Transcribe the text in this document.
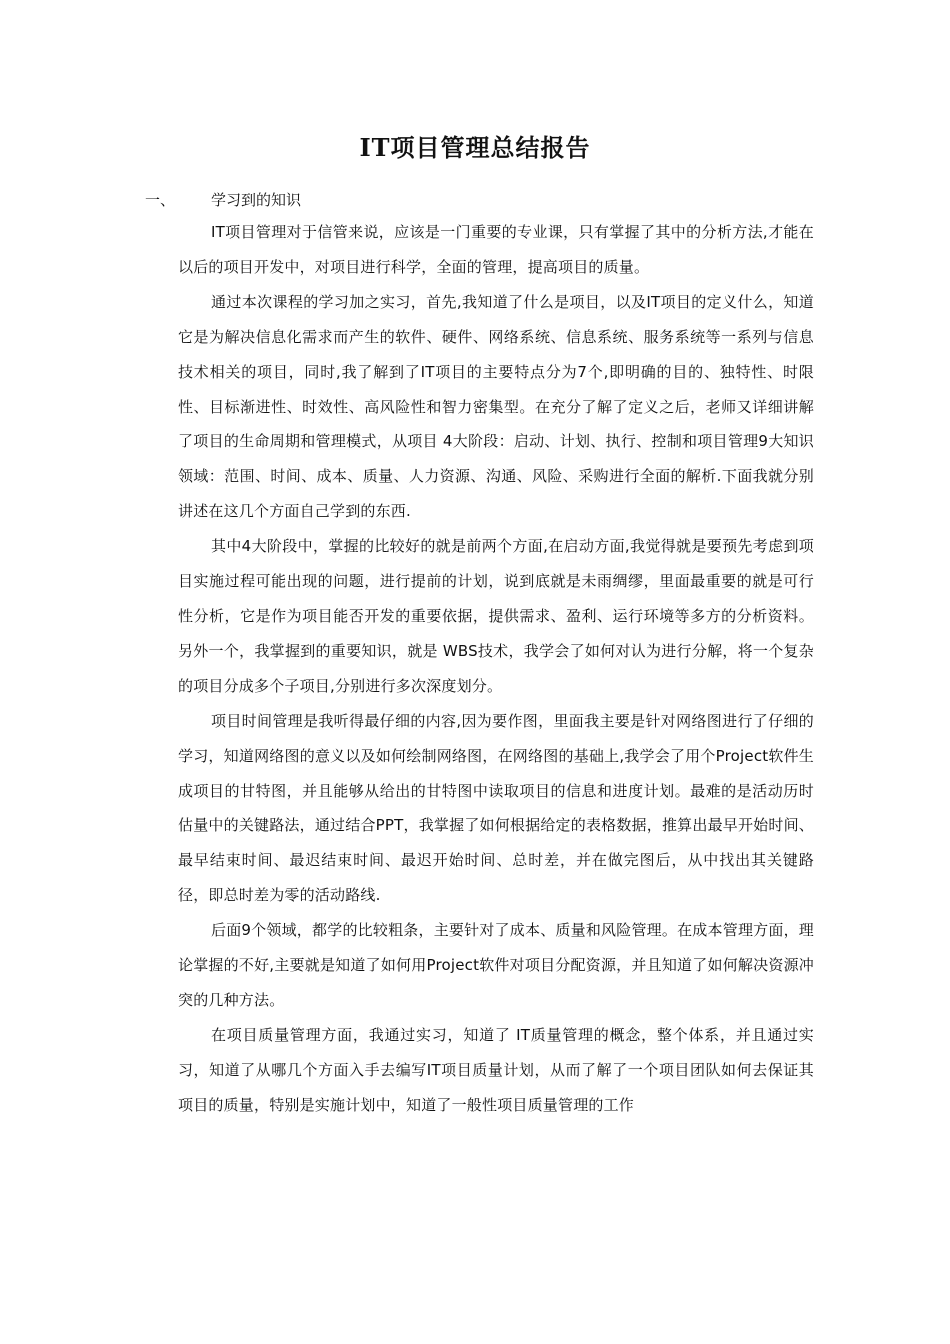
IT项目管理总结报告
一、 学习到的知识

IT项目管理对于信管来说，应该是一门重要的专业课，只有掌握了其中的分析方法,才能在以后的项目开发中，对项目进行科学，全面的管理，提高项目的质量。

通过本次课程的学习加之实习，首先,我知道了什么是项目，以及IT项目的定义什么，知道它是为解决信息化需求而产生的软件、硬件、网络系统、信息系统、服务系统等一系列与信息技术相关的项目，同时,我了解到了IT项目的主要特点分为7个,即明确的目的、独特性、时限性、目标渐进性、时效性、高风险性和智力密集型。在充分了解了定义之后，老师又详细讲解了项目的生命周期和管理模式，从项目 4大阶段：启动、计划、执行、控制和项目管理9大知识领域：范围、时间、成本、质量、人力资源、沟通、风险、采购进行全面的解析.下面我就分别讲述在这几个方面自己学到的东西.

其中4大阶段中，掌握的比较好的就是前两个方面,在启动方面,我觉得就是要预先考虑到项目实施过程可能出现的问题，进行提前的计划，说到底就是未雨绸缪，里面最重要的就是可行性分析，它是作为项目能否开发的重要依据，提供需求、盈利、运行环境等多方的分析资料。另外一个，我掌握到的重要知识，就是 WBS技术，我学会了如何对认为进行分解，将一个复杂的项目分成多个子项目,分别进行多次深度划分。

项目时间管理是我听得最仔细的内容,因为要作图，里面我主要是针对网络图进行了仔细的学习，知道网络图的意义以及如何绘制网络图，在网络图的基础上,我学会了用个Project软件生成项目的甘特图，并且能够从给出的甘特图中读取项目的信息和进度计划。最难的是活动历时估量中的关键路法，通过结合PPT，我掌握了如何根据给定的表格数据，推算出最早开始时间、最早结束时间、最迟结束时间、最迟开始时间、总时差，并在做完图后，从中找出其关键路径，即总时差为零的活动路线.

后面9个领域，都学的比较粗条，主要针对了成本、质量和风险管理。在成本管理方面，理论掌握的不好,主要就是知道了如何用Project软件对项目分配资源，并且知道了如何解决资源冲突的几种方法。

在项目质量管理方面，我通过实习，知道了 IT质量管理的概念，整个体系，并且通过实习，知道了从哪几个方面入手去编写IT项目质量计划，从而了解了一个项目团队如何去保证其项目的质量，特别是实施计划中，知道了一般性项目质量管理的工作
